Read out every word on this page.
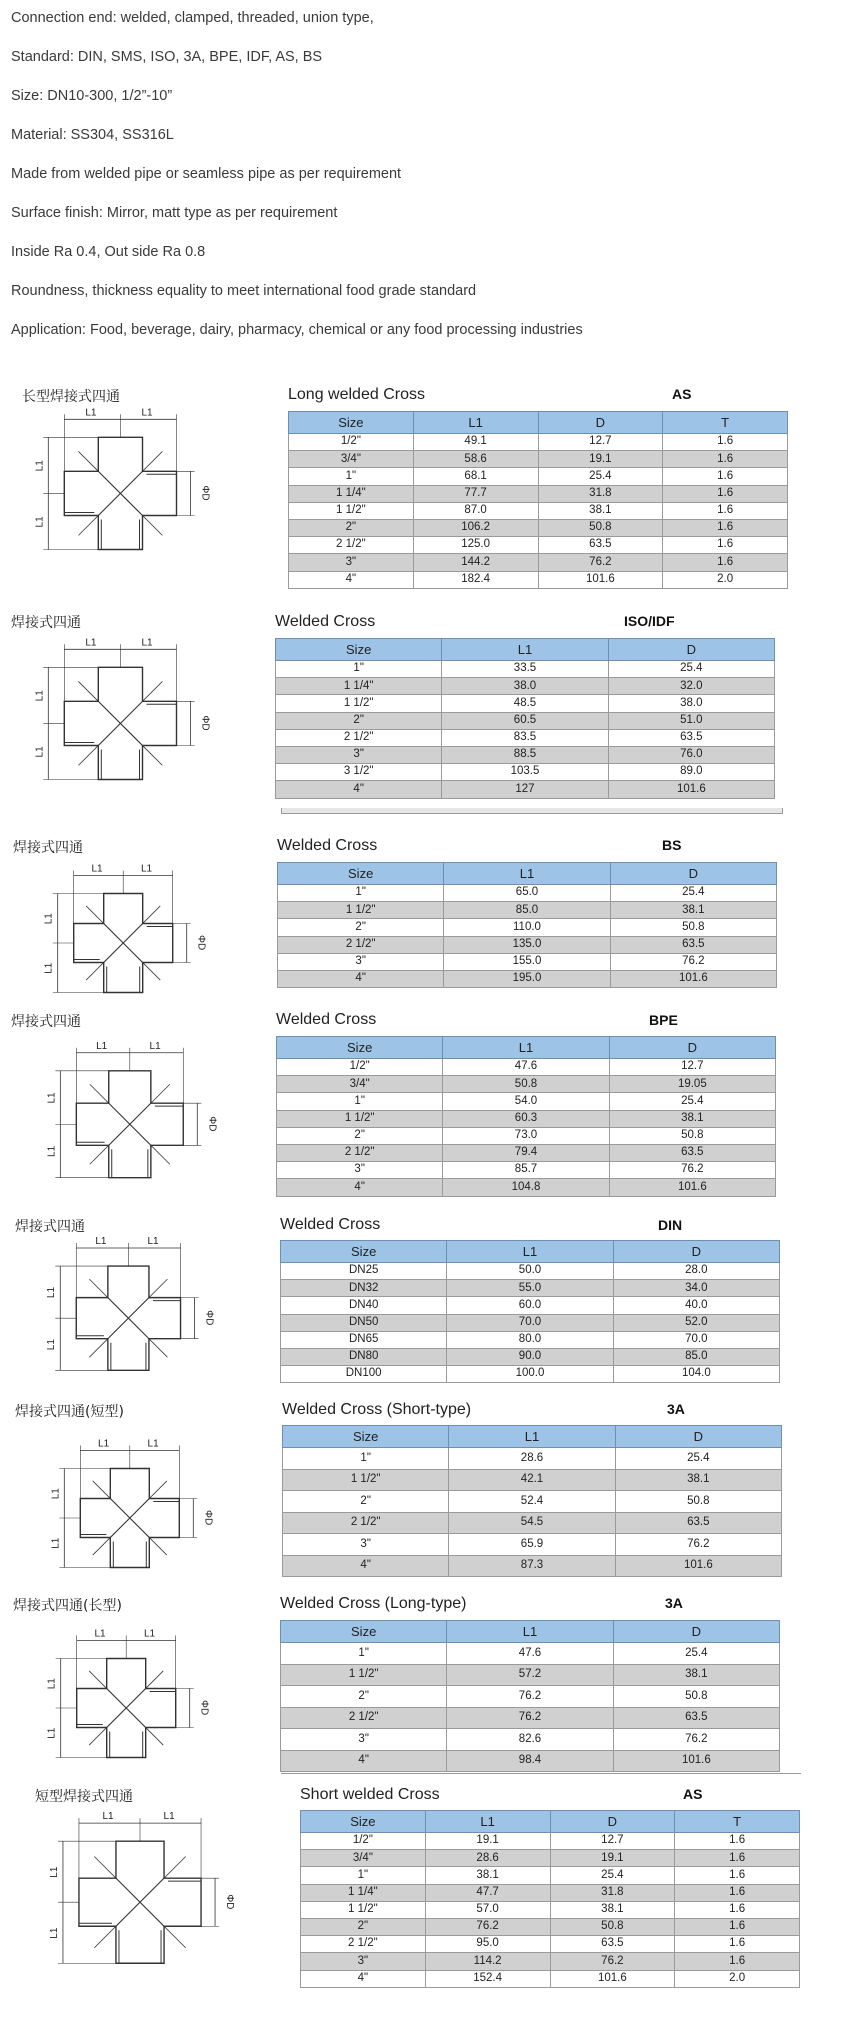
Connection end: welded, clamped, threaded, union type,
Standard: DIN, SMS, ISO, 3A, BPE, IDF, AS, BS
Size: DN10-300, 1/2”-10”
Material: SS304, SS316L
Made from welded pipe or seamless pipe as per requirement
Surface finish: Mirror, matt type as per requirement
Inside Ra 0.4, Out side Ra 0.8
Roundness, thickness equality to meet international food grade standard
Application: Food, beverage, dairy, pharmacy, chemical or any food processing industries
长型焊接式四通	Long welded Cross	AS
L1	L1
L1
L1
ΦD
Size	L1	D	T
1/2"	49.1	12.7	1.6
3/4"	58.6	19.1	1.6
1"	68.1	25.4	1.6
1 1/4"	77.7	31.8	1.6
1 1/2"	87.0	38.1	1.6
2"	106.2	50.8	1.6
2 1/2"	125.0	63.5	1.6
3"	144.2	76.2	1.6
4"	182.4	101.6	2.0
焊接式四通	Welded Cross	ISO/IDF
L1	L1
L1
L1
ΦD
Size	L1	D
1"	33.5	25.4
1 1/4"	38.0	32.0
1 1/2"	48.5	38.0
2"	60.5	51.0
2 1/2"	83.5	63.5
3"	88.5	76.0
3 1/2"	103.5	89.0
4"	127	101.6
焊接式四通	Welded Cross	BS
L1	L1
L1
L1
ΦD
Size	L1	D
1"	65.0	25.4
1 1/2"	85.0	38.1
2"	110.0	50.8
2 1/2"	135.0	63.5
3"	155.0	76.2
4"	195.0	101.6
焊接式四通	Welded Cross	BPE
L1	L1
L1
L1
ΦD
Size	L1	D
1/2"	47.6	12.7
3/4"	50.8	19.05
1"	54.0	25.4
1 1/2"	60.3	38.1
2"	73.0	50.8
2 1/2"	79.4	63.5
3"	85.7	76.2
4"	104.8	101.6
焊接式四通	Welded Cross	DIN
L1	L1
L1
L1
ΦD
Size	L1	D
DN25	50.0	28.0
DN32	55.0	34.0
DN40	60.0	40.0
DN50	70.0	52.0
DN65	80.0	70.0
DN80	90.0	85.0
DN100	100.0	104.0
焊接式四通(短型)	Welded Cross (Short-type)	3A
L1	L1
L1
L1
ΦD
Size	L1	D
1"	28.6	25.4
1 1/2"	42.1	38.1
2"	52.4	50.8
2 1/2"	54.5	63.5
3"	65.9	76.2
4"	87.3	101.6
焊接式四通(长型)	Welded Cross (Long-type)	3A
L1	L1
L1
L1
ΦD
Size	L1	D
1"	47.6	25.4
1 1/2"	57.2	38.1
2"	76.2	50.8
2 1/2"	76.2	63.5
3"	82.6	76.2
4"	98.4	101.6
短型焊接式四通	Short welded Cross	AS
L1	L1
L1
L1
ΦD
Size	L1	D	T
1/2"	19.1	12.7	1.6
3/4"	28.6	19.1	1.6
1"	38.1	25.4	1.6
1 1/4"	47.7	31.8	1.6
1 1/2"	57.0	38.1	1.6
2"	76.2	50.8	1.6
2 1/2"	95.0	63.5	1.6
3"	114.2	76.2	1.6
4"	152.4	101.6	2.0
